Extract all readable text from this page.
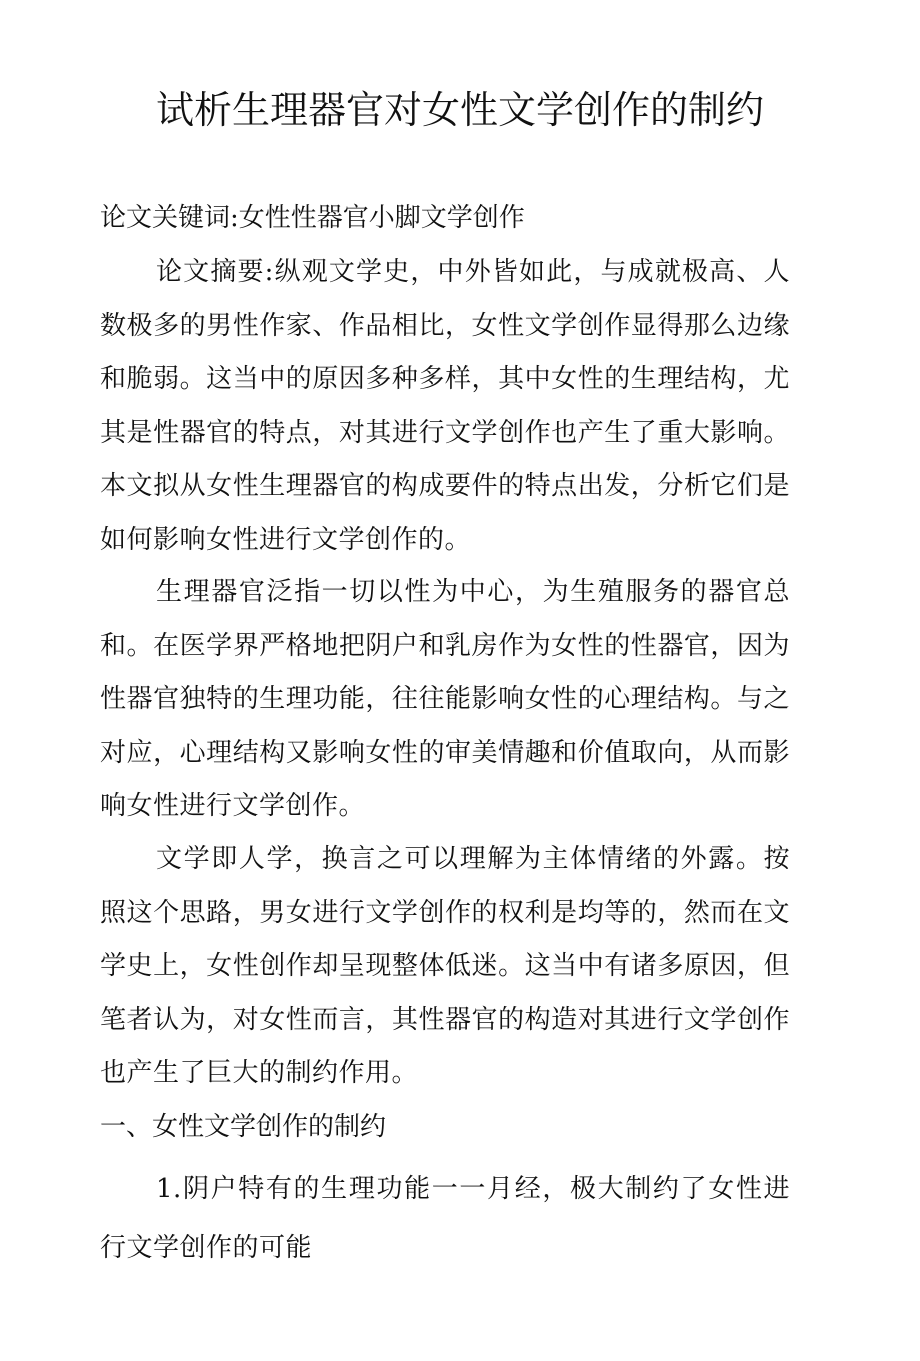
试析生理器官对女性文学创作的制约
论文关键词:女性性器官小脚文学创作
论文摘要:纵观文学史，中外皆如此，与成就极高、人数极多的男性作家、作品相比，女性文学创作显得那么边缘和脆弱。这当中的原因多种多样，其中女性的生理结构，尤其是性器官的特点，对其进行文学创作也产生了重大影响。本文拟从女性生理器官的构成要件的特点出发，分析它们是如何影响女性进行文学创作的。
生理器官泛指一切以性为中心，为生殖服务的器官总和。在医学界严格地把阴户和乳房作为女性的性器官，因为性器官独特的生理功能，往往能影响女性的心理结构。与之对应，心理结构又影响女性的审美情趣和价值取向，从而影响女性进行文学创作。
文学即人学，换言之可以理解为主体情绪的外露。按照这个思路，男女进行文学创作的权利是均等的，然而在文学史上，女性创作却呈现整体低迷。这当中有诸多原因，但笔者认为，对女性而言，其性器官的构造对其进行文学创作也产生了巨大的制约作用。
一、女性文学创作的制约
1.阴户特有的生理功能一一月经，极大制约了女性进行文学创作的可能
